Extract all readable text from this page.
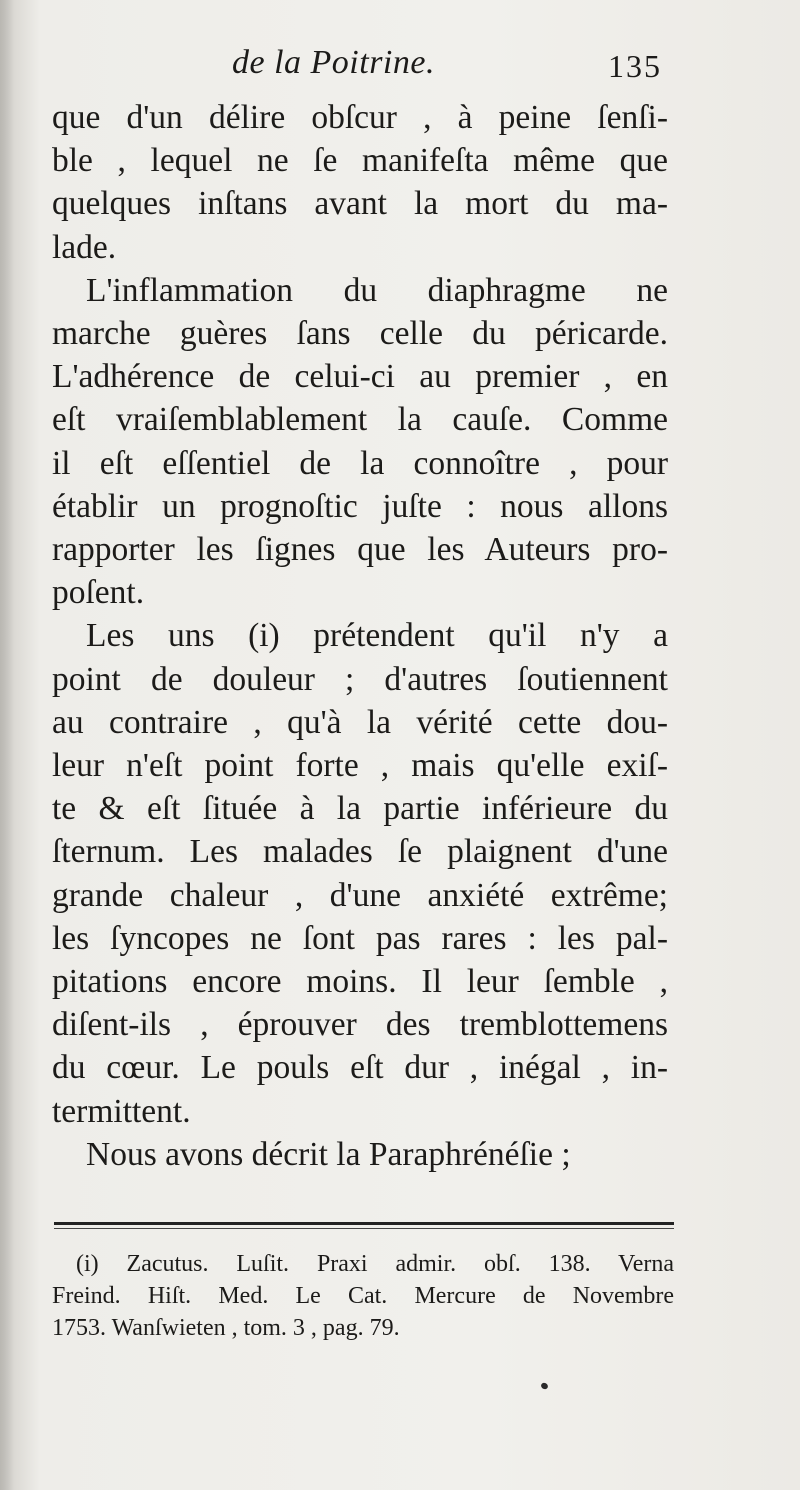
de la Poitrine.	135
que d'un délire obſcur , à peine ſenſi-
ble , lequel ne ſe manifeſta même que
quelques inſtans avant la mort du ma-
lade.
L'inflammation du diaphragme ne
marche guères ſans celle du péricarde.
L'adhérence de celui-ci au premier , en
eſt vraiſemblablement la cauſe. Comme
il eſt eſſentiel de la connoître , pour
établir un prognoſtic juſte : nous allons
rapporter les ſignes que les Auteurs pro-
poſent.
Les uns (i) prétendent qu'il n'y a
point de douleur ; d'autres ſoutiennent
au contraire , qu'à la vérité cette dou-
leur n'eſt point forte , mais qu'elle exiſ-
te & eſt ſituée à la partie inférieure du
ſternum. Les malades ſe plaignent d'une
grande chaleur , d'une anxiété extrême;
les ſyncopes ne ſont pas rares : les pal-
pitations encore moins. Il leur ſemble ,
diſent-ils , éprouver des tremblottemens
du cœur. Le pouls eſt dur , inégal , in-
termittent.
Nous avons décrit la Paraphrénéſie ;
(i) Zacutus. Luſit. Praxi admir. obſ. 138. Verna
Freind. Hiſt. Med. Le Cat. Mercure de Novembre
1753. Wanſwieten , tom. 3 , pag. 79.
